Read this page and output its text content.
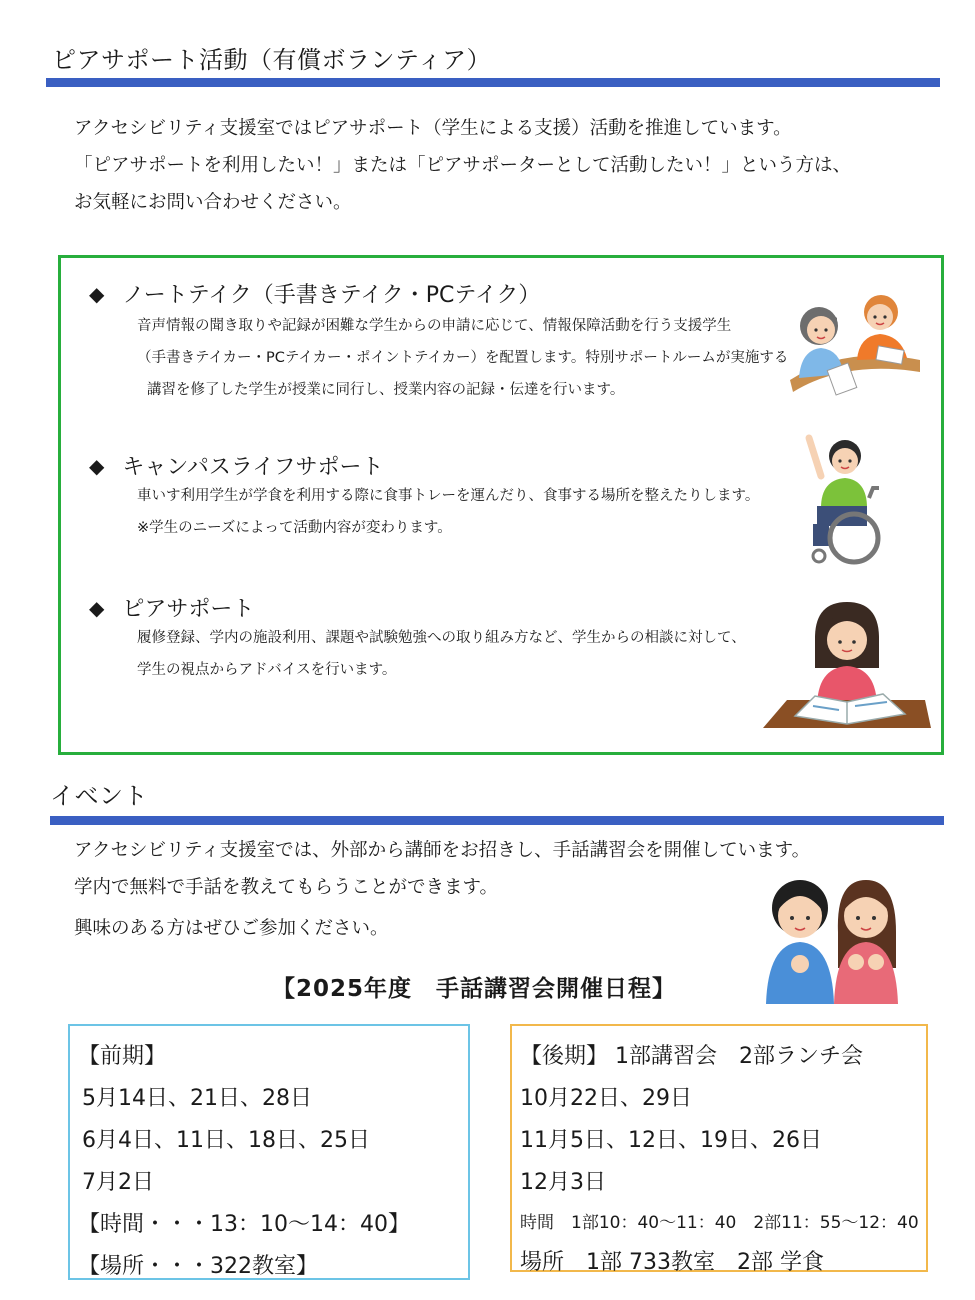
ピアサポート活動（有償ボランティア）

アクセシビリティ支援室ではピアサポート（学生による支援）活動を推進しています。

「ピアサポートを利用したい！」または「ピアサポーターとして活動したい！」という方は、

お気軽にお問い合わせください。

◆ ノートテイク（手書きテイク・PCテイク）

音声情報の聞き取りや記録が困難な学生からの申請に応じて、情報保障活動を行う支援学生

（手書きテイカー・PCテイカー・ポイントテイカー）を配置します。特別サポートルームが実施する

講習を修了した学生が授業に同行し、授業内容の記録・伝達を行います。

◆ キャンパスライフサポート

車いす利用学生が学食を利用する際に食事トレーを運んだり、食事する場所を整えたりします。

※学生のニーズによって活動内容が変わります。

◆ ピアサポート

履修登録、学内の施設利用、課題や試験勉強への取り組み方など、学生からの相談に対して、

学生の視点からアドバイスを行います。

イベント

アクセシビリティ支援室では、外部から講師をお招きし、手話講習会を開催しています。

学内で無料で手話を教えてもらうことができます。

興味のある方はぜひご参加ください。

【2025年度　手話講習会開催日程】

【前期】

5月14日、21日、28日

6月4日、11日、18日、25日

7月2日

【時間・・・13：10～14：40】

【場所・・・322教室】

【後期】 1部講習会　2部ランチ会

10月22日、29日

11月5日、12日、19日、26日

12月3日

時間　1部10：40～11：40　2部11：55～12：40

場所　1部 733教室　2部 学食
